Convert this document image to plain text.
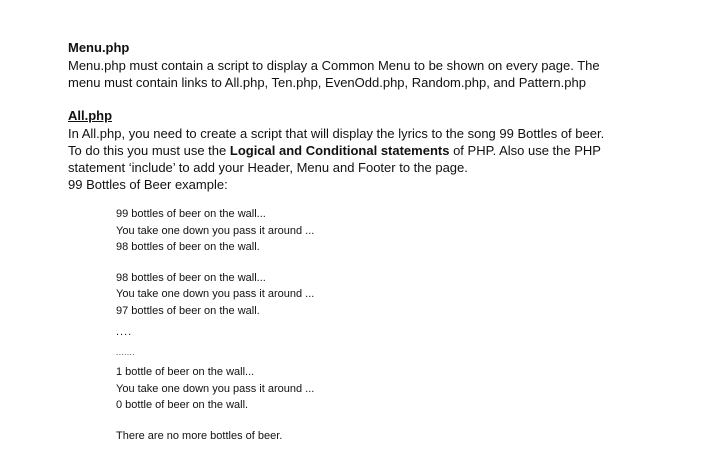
Menu.php

Menu.php must contain a script to display a Common Menu to be shown on every page. The

menu must contain links to All.php, Ten.php, EvenOdd.php, Random.php, and Pattern.php

All.php

In All.php, you need to create a script that will display the lyrics to the song 99 Bottles of beer.

To do this you must use the Logical and Conditional statements of PHP. Also use the PHP

statement ‘include’ to add your Header, Menu and Footer to the page.

99 Bottles of Beer example:

99 bottles of beer on the wall...

You take one down you pass it around ...

98 bottles of beer on the wall.

98 bottles of beer on the wall...

You take one down you pass it around ...

97 bottles of beer on the wall.

....

.......

1 bottle of beer on the wall...

You take one down you pass it around ...

0 bottle of beer on the wall.

There are no more bottles of beer.
